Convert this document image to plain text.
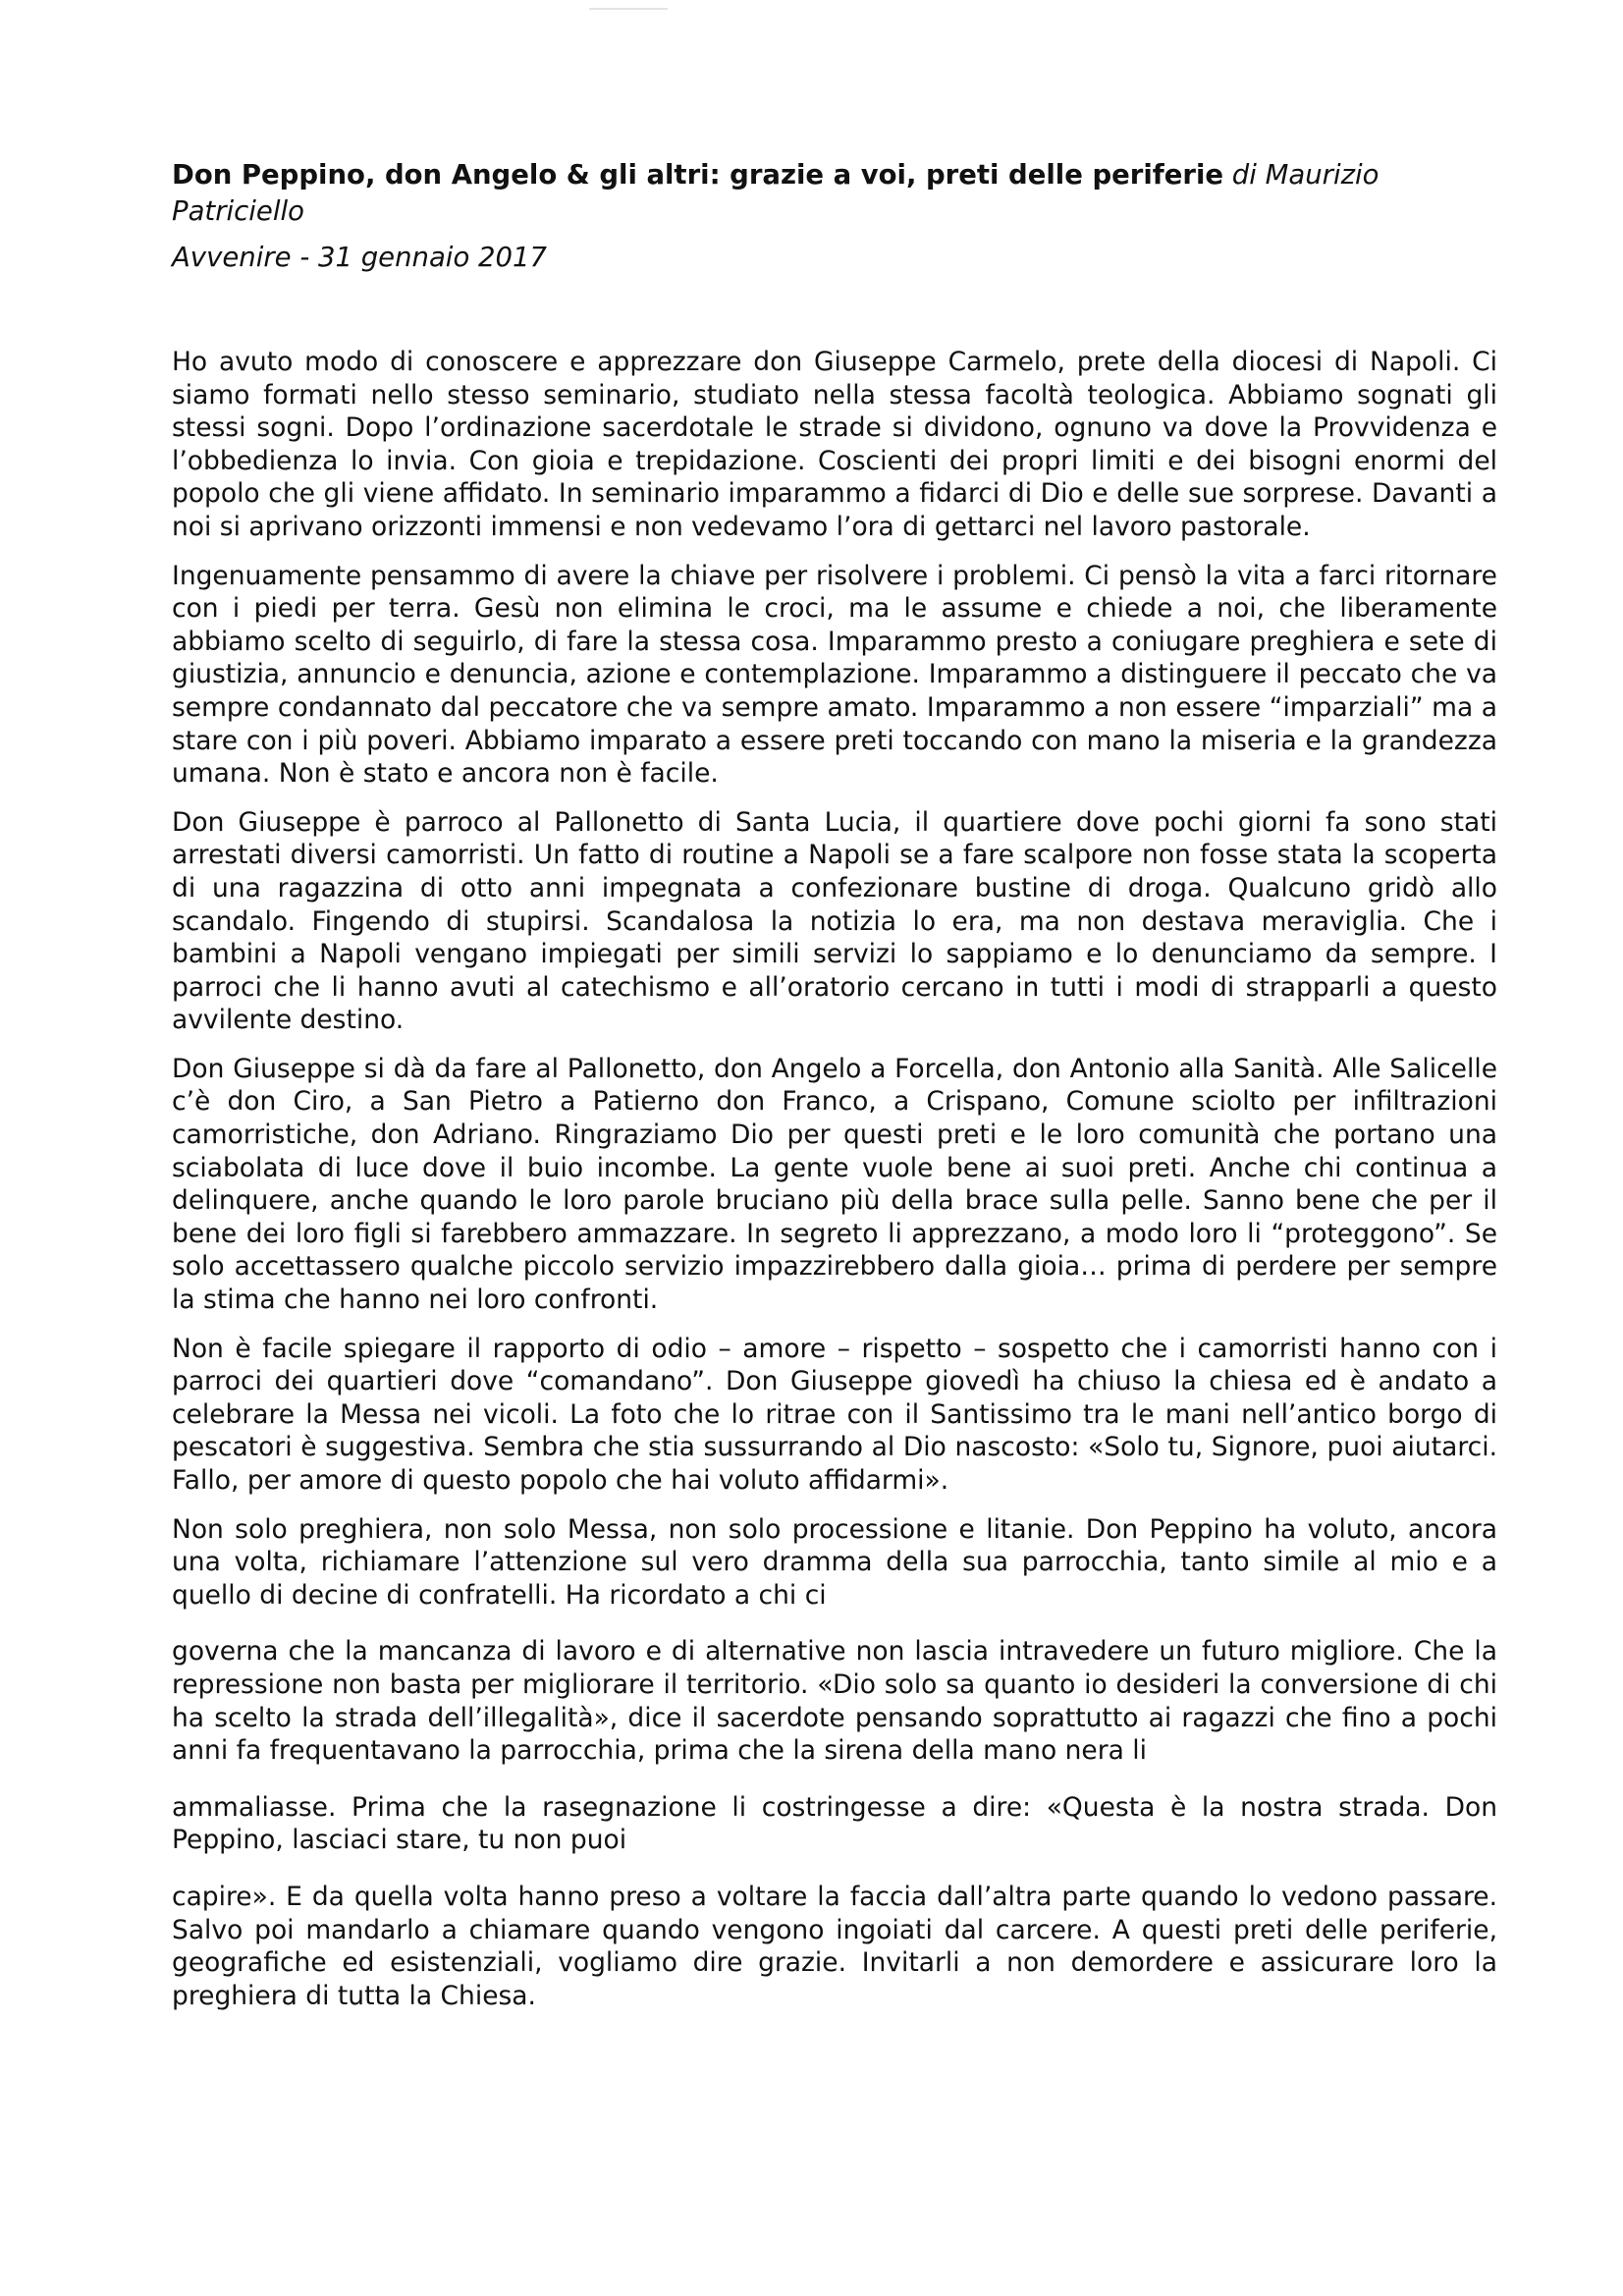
Don Peppino, don Angelo & gli altri: grazie a voi, preti delle periferie di Maurizio Patriciello

Avvenire - 31 gennaio 2017

Ho avuto modo di conoscere e apprezzare don Giuseppe Carmelo, prete della diocesi di Napoli. Ci siamo formati nello stesso seminario, studiato nella stessa facoltà teologica. Abbiamo sognati gli stessi sogni. Dopo l’ordinazione sacerdotale le strade si dividono, ognuno va dove la Provvidenza e l’obbedienza lo invia. Con gioia e trepidazione. Coscienti dei propri limiti e dei bisogni enormi del popolo che gli viene affidato. In seminario imparammo a fidarci di Dio e delle sue sorprese. Davanti a noi si aprivano orizzonti immensi e non vedevamo l’ora di gettarci nel lavoro pastorale.

Ingenuamente pensammo di avere la chiave per risolvere i problemi. Ci pensò la vita a farci ritornare con i piedi per terra. Gesù non elimina le croci, ma le assume e chiede a noi, che liberamente abbiamo scelto di seguirlo, di fare la stessa cosa. Imparammo presto a coniugare preghiera e sete di giustizia, annuncio e denuncia, azione e contemplazione. Imparammo a distinguere il peccato che va sempre condannato dal peccatore che va sempre amato. Imparammo a non essere “imparziali” ma a stare con i più poveri. Abbiamo imparato a essere preti toccando con mano la miseria e la grandezza umana. Non è stato e ancora non è facile.

Don Giuseppe è parroco al Pallonetto di Santa Lucia, il quartiere dove pochi giorni fa sono stati arrestati diversi camorristi. Un fatto di routine a Napoli se a fare scalpore non fosse stata la scoperta di una ragazzina di otto anni impegnata a confezionare bustine di droga. Qualcuno gridò allo scandalo. Fingendo di stupirsi. Scandalosa la notizia lo era, ma non destava meraviglia. Che i bambini a Napoli vengano impiegati per simili servizi lo sappiamo e lo denunciamo da sempre. I parroci che li hanno avuti al catechismo e all’oratorio cercano in tutti i modi di strapparli a questo avvilente destino.

Don Giuseppe si dà da fare al Pallonetto, don Angelo a Forcella, don Antonio alla Sanità. Alle Salicelle c’è don Ciro, a San Pietro a Patierno don Franco, a Crispano, Comune sciolto per infiltrazioni camorristiche, don Adriano. Ringraziamo Dio per questi preti e le loro comunità che portano una sciabolata di luce dove il buio incombe. La gente vuole bene ai suoi preti. Anche chi continua a delinquere, anche quando le loro parole bruciano più della brace sulla pelle. Sanno bene che per il bene dei loro figli si farebbero ammazzare. In segreto li apprezzano, a modo loro li “proteggono”. Se solo accettassero qualche piccolo servizio impazzirebbero dalla gioia… prima di perdere per sempre la stima che hanno nei loro confronti.

Non è facile spiegare il rapporto di odio – amore – rispetto – sospetto che i camorristi hanno con i parroci dei quartieri dove “comandano”. Don Giuseppe giovedì ha chiuso la chiesa ed è andato a celebrare la Messa nei vicoli. La foto che lo ritrae con il Santissimo tra le mani nell’antico borgo di pescatori è suggestiva. Sembra che stia sussurrando al Dio nascosto: «Solo tu, Signore, puoi aiutarci. Fallo, per amore di questo popolo che hai voluto affidarmi».

Non solo preghiera, non solo Messa, non solo processione e litanie. Don Peppino ha voluto, ancora una volta, richiamare l’attenzione sul vero dramma della sua parrocchia, tanto simile al mio e a quello di decine di confratelli. Ha ricordato a chi ci

governa che la mancanza di lavoro e di alternative non lascia intravedere un futuro migliore. Che la repressione non basta per migliorare il territorio. «Dio solo sa quanto io desideri la conversione di chi ha scelto la strada dell’illegalità», dice il sacerdote pensando soprattutto ai ragazzi che fino a pochi anni fa frequentavano la parrocchia, prima che la sirena della mano nera li

ammaliasse. Prima che la rasegnazione li costringesse a dire: «Questa è la nostra strada. Don Peppino, lasciaci stare, tu non puoi

capire». E da quella volta hanno preso a voltare la faccia dall’altra parte quando lo vedono passare. Salvo poi mandarlo a chiamare quando vengono ingoiati dal carcere. A questi preti delle periferie, geografiche ed esistenziali, vogliamo dire grazie. Invitarli a non demordere e assicurare loro la preghiera di tutta la Chiesa.
